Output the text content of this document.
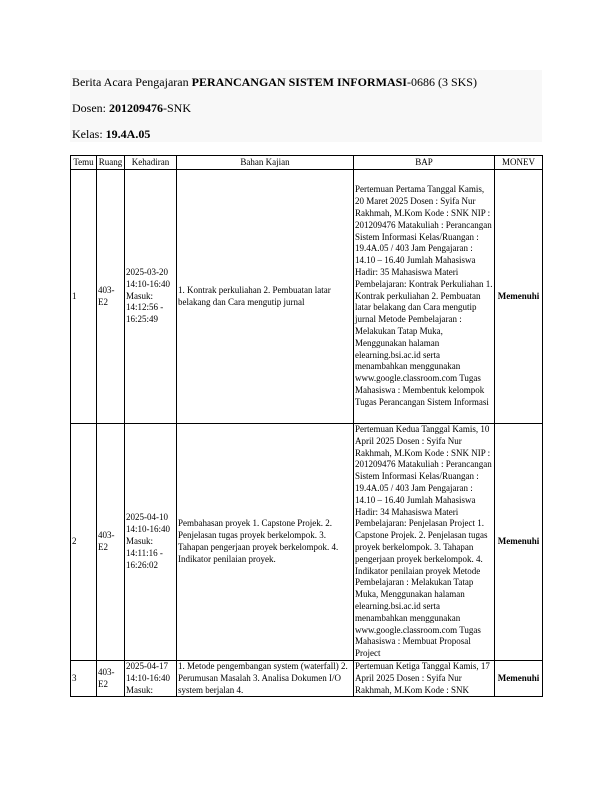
Berita Acara Pengajaran PERANCANGAN SISTEM INFORMASI-0686 (3 SKS)
Dosen: 201209476-SNK
Kelas: 19.4A.05
Temu	Ruang	Kehadiran	Bahan Kajian	BAP	MONEV
1	403-E2	2025-03-20 14:10-16:40 Masuk: 14:12:56 - 16:25:49	1. Kontrak perkuliahan 2. Pembuatan latar belakang dan Cara mengutip jurnal	Pertemuan Pertama Tanggal Kamis, 20 Maret 2025 Dosen : Syifa Nur Rakhmah, M.Kom Kode : SNK NIP : 201209476 Matakuliah : Perancangan Sistem Informasi Kelas/Ruangan : 19.4A.05 / 403 Jam Pengajaran : 14.10 – 16.40 Jumlah Mahasiswa Hadir: 35 Mahasiswa Materi Pembelajaran: Kontrak Perkuliahan 1. Kontrak perkuliahan 2. Pembuatan latar belakang dan Cara mengutip jurnal Metode Pembelajaran : Melakukan Tatap Muka, Menggunakan halaman elearning.bsi.ac.id serta menambahkan menggunakan www.google.classroom.com Tugas Mahasiswa : Membentuk kelompok Tugas Perancangan Sistem Informasi	Memenuhi
2	403-E2	2025-04-10 14:10-16:40 Masuk: 14:11:16 - 16:26:02	Pembahasan proyek 1. Capstone Projek. 2. Penjelasan tugas proyek berkelompok. 3. Tahapan pengerjaan proyek berkelompok. 4. Indikator penilaian proyek.	Pertemuan Kedua Tanggal Kamis, 10 April 2025 Dosen : Syifa Nur Rakhmah, M.Kom Kode : SNK NIP : 201209476 Matakuliah : Perancangan Sistem Informasi Kelas/Ruangan : 19.4A.05 / 403 Jam Pengajaran : 14.10 – 16.40 Jumlah Mahasiswa Hadir: 34 Mahasiswa Materi Pembelajaran: Penjelasan Project 1. Capstone Projek. 2. Penjelasan tugas proyek berkelompok. 3. Tahapan pengerjaan proyek berkelompok. 4. Indikator penilaian proyek Metode Pembelajaran : Melakukan Tatap Muka, Menggunakan halaman elearning.bsi.ac.id serta menambahkan menggunakan www.google.classroom.com Tugas Mahasiswa : Membuat Proposal Project	Memenuhi
3	403-E2	2025-04-17 14:10-16:40 Masuk:	1. Metode pengembangan system (waterfall) 2. Perumusan Masalah 3. Analisa Dokumen I/O system berjalan 4.	Pertemuan Ketiga Tanggal Kamis, 17 April 2025 Dosen : Syifa Nur Rakhmah, M.Kom Kode : SNK	Memenuhi
